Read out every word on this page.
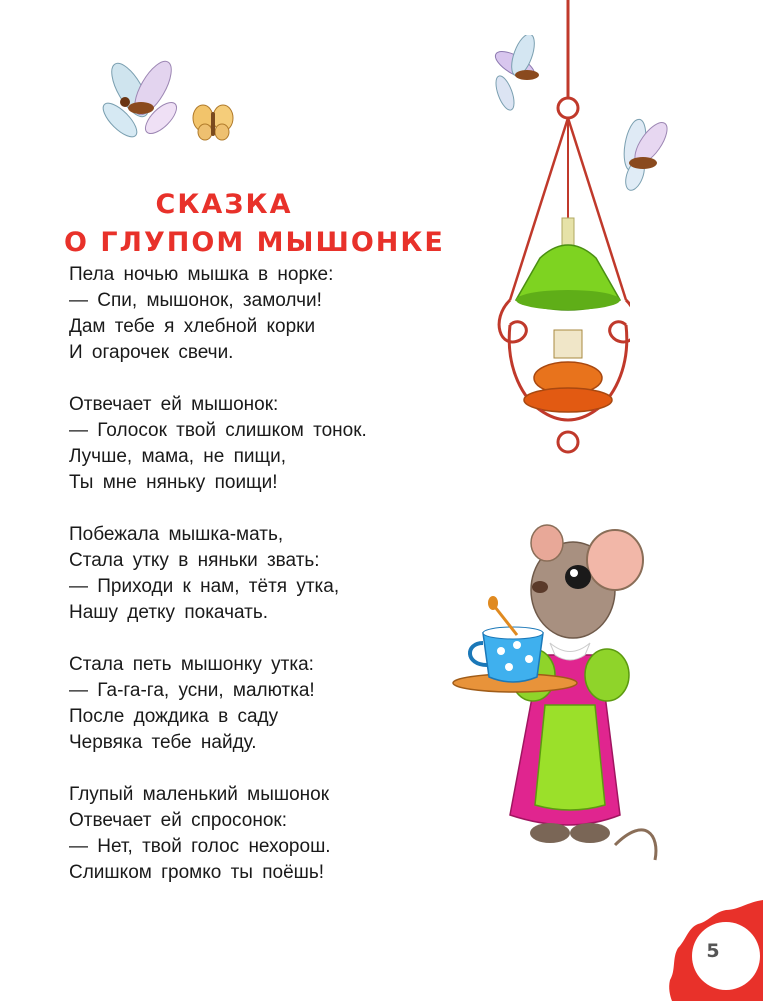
СКАЗКА
О ГЛУПОМ МЫШОНКЕ
Пела ночью мышка в норке:
— Спи, мышонок, замолчи!
Дам тебе я хлебной корки
И огарочек свечи.
Отвечает ей мышонок:
— Голосок твой слишком тонок.
Лучше, мама, не пищи,
Ты мне няньку поищи!
Побежала мышка-мать,
Стала утку в няньки звать:
— Приходи к нам, тётя утка,
Нашу детку покачать.
Стала петь мышонку утка:
— Га-га-га, усни, малютка!
После дождика в саду
Червяка тебе найду.
Глупый маленький мышонок
Отвечает ей спросонок:
— Нет, твой голос нехорош.
Слишком громко ты поёшь!
5
